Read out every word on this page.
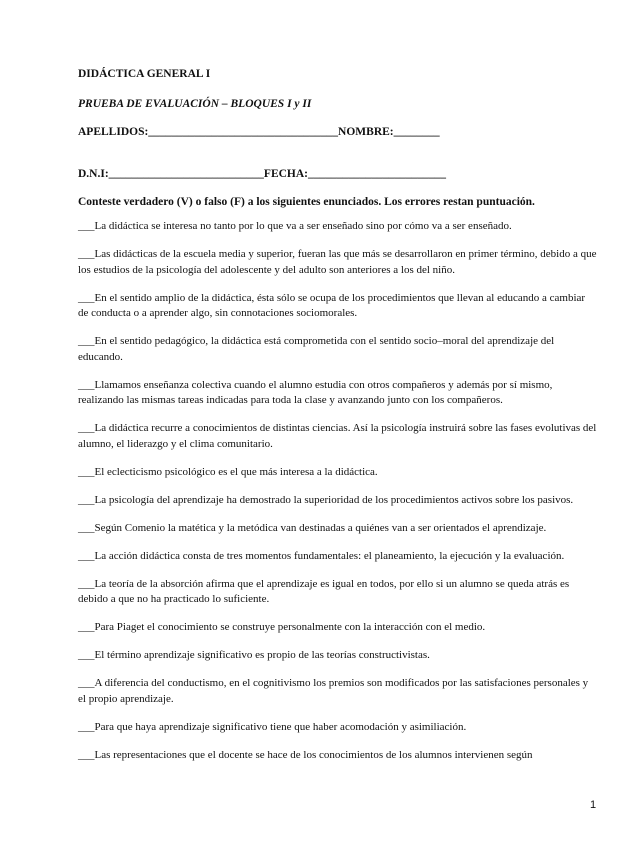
DIDÁCTICA GENERAL I
PRUEBA DE EVALUACIÓN – BLOQUES I y II
APELLIDOS:_________________________________NOMBRE:________
D.N.I:___________________________FECHA:________________________
Conteste verdadero (V) o falso (F) a los siguientes enunciados. Los errores restan puntuación.

___La didáctica se interesa no tanto por lo que va a ser enseñado sino por cómo va a ser enseñado.

___Las didácticas de la escuela media y superior, fueran las que más se desarrollaron en primer término, debido a que los estudios de la psicología del adolescente y del adulto son anteriores a los del niño.

___En el sentido amplio de la didáctica, ésta sólo se ocupa de los procedimientos que llevan al educando a cambiar de conducta o a aprender algo, sin connotaciones sociomorales.

___En el sentido pedagógico, la didáctica está comprometida con el sentido socio–moral del aprendizaje del educando.

___Llamamos enseñanza colectiva cuando el alumno estudia con otros compañeros y además por sí mismo, realizando las mismas tareas indicadas para toda la clase y avanzando junto con los compañeros.

___La didáctica recurre a conocimientos de distintas ciencias. Así la psicología instruirá sobre las fases evolutivas del alumno, el liderazgo y el clima comunitario.

___El eclecticismo psicológico es el que más interesa a la didáctica.

___La psicología del aprendizaje ha demostrado la superioridad de los procedimientos activos sobre los pasivos.

___Según Comenio la matética y la metódica van destinadas a quiénes van a ser orientados el aprendizaje.

___La acción didáctica consta de tres momentos fundamentales: el planeamiento, la ejecución y la evaluación.

___La teoría de la absorción afirma que el aprendizaje es igual en todos, por ello si un alumno se queda atrás es debido a que no ha practicado lo suficiente.

___Para Piaget el conocimiento se construye personalmente con la interacción con el medio.

___El término aprendizaje significativo es propio de las teorías constructivistas.

___A diferencia del conductismo, en el cognitivismo los premios son modificados por las satisfaciones personales y el propio aprendizaje.

___Para que haya aprendizaje significativo tiene que haber acomodación y asimiliación.

___Las representaciones que el docente se hace de los conocimientos de los alumnos intervienen según

1
